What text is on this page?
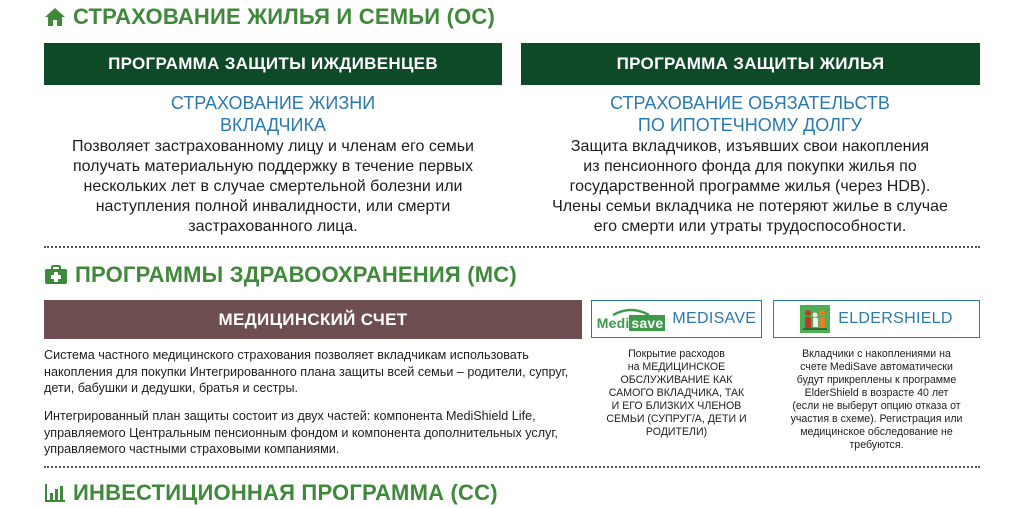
СТРАХОВАНИЕ ЖИЛЬЯ И СЕМЬИ (ОС)
ПРОГРАММА ЗАЩИТЫ ИЖДИВЕНЦЕВ	ПРОГРАММА ЗАЩИТЫ ЖИЛЬЯ
СТРАХОВАНИЕ ЖИЗНИ
ВКЛАДЧИКА
СТРАХОВАНИЕ ОБЯЗАТЕЛЬСТВ
ПО ИПОТЕЧНОМУ ДОЛГУ
Позволяет застрахованному лицу и членам его семьи
получать материальную поддержку в течение первых
нескольких лет в случае смертельной болезни или
наступления полной инвалидности, или смерти
застрахованного лица.
Защита вкладчиков, изъявших свои накопления
из пенсионного фонда для покупки жилья по
государственной программе жилья (через HDB).
Члены семьи вкладчика не потеряют жилье в случае
его смерти или утраты трудоспособности.
ПРОГРАММЫ ЗДРАВООХРАНЕНИЯ (MC)
МЕДИЦИНСКИЙ СЧЕТ
Система частного медицинского страхования позволяет вкладчикам использовать накопления для покупки Интегрированного плана защиты всей семьи – родители, супруг, дети, бабушки и дедушки, братья и сестры.
Интегрированный план защиты состоит из двух частей: компонента MediShield Life, управляемого Центральным пенсионным фондом и компонента дополнительных услуг, управляемого частными страховыми компаниями.
Medi save MEDISAVE	ELDERSHIELD
Покрытие расходов
на МЕДИЦИНСКОЕ
ОБСЛУЖИВАНИЕ КАК
САМОГО ВКЛАДЧИКА, ТАК
И ЕГО БЛИЗКИХ ЧЛЕНОВ
СЕМЬИ (СУПРУГ/А, ДЕТИ И
РОДИТЕЛИ)
Вкладчики с накоплениями на
счете MediSave автоматически
будут прикреплены к программе
ElderShield в возрасте 40 лет
(если не выберут опцию отказа от
участия в схеме). Регистрация или
медицинское обследование не
требуются.
ИНВЕСТИЦИОННАЯ ПРОГРАММА (CC)
